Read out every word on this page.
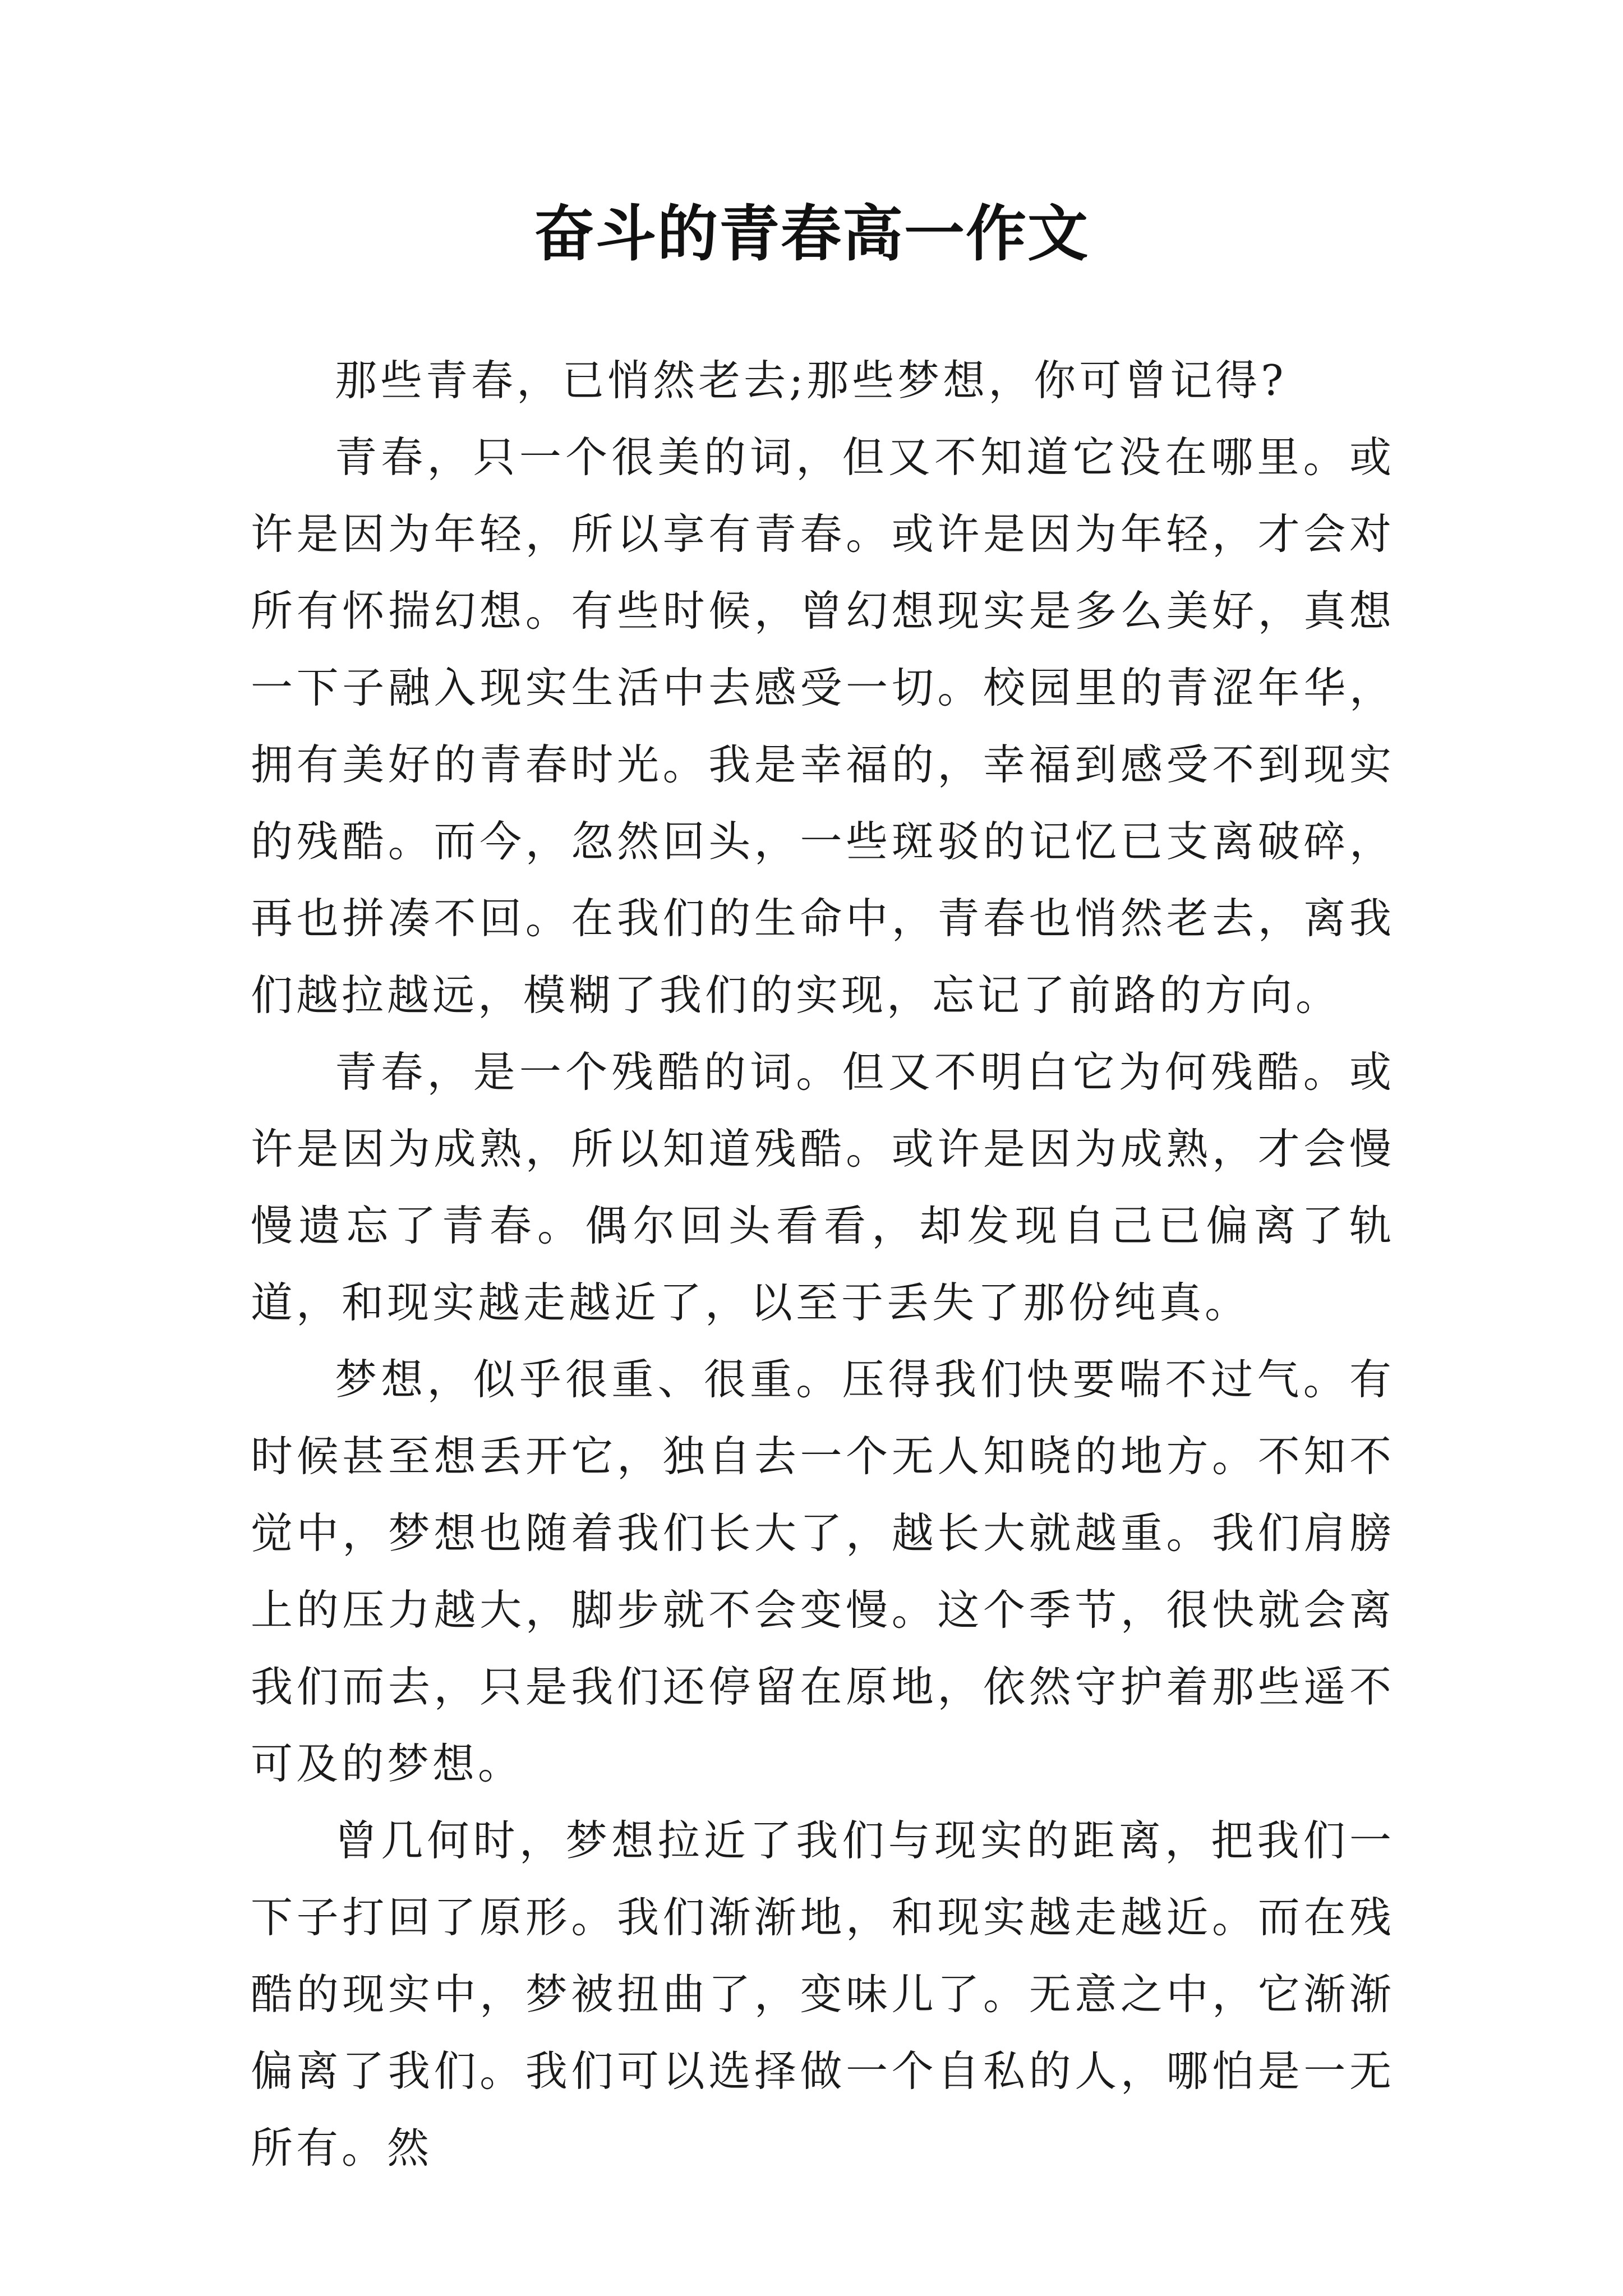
奋斗的青春高一作文

那些青春，已悄然老去;那些梦想，你可曾记得?

青春，只一个很美的词，但又不知道它没在哪里。或许是因为年轻，所以享有青春。或许是因为年轻，才会对所有怀揣幻想。有些时候，曾幻想现实是多么美好，真想一下子融入现实生活中去感受一切。校园里的青涩年华，拥有美好的青春时光。我是幸福的，幸福到感受不到现实的残酷。而今，忽然回头，一些斑驳的记忆已支离破碎，再也拼凑不回。在我们的生命中，青春也悄然老去，离我们越拉越远，模糊了我们的实现，忘记了前路的方向。

青春，是一个残酷的词。但又不明白它为何残酷。或许是因为成熟，所以知道残酷。或许是因为成熟，才会慢慢遗忘了青春。偶尔回头看看，却发现自己已偏离了轨道，和现实越走越近了，以至于丢失了那份纯真。

梦想，似乎很重、很重。压得我们快要喘不过气。有时候甚至想丢开它，独自去一个无人知晓的地方。不知不觉中，梦想也随着我们长大了，越长大就越重。我们肩膀上的压力越大，脚步就不会变慢。这个季节，很快就会离我们而去，只是我们还停留在原地，依然守护着那些遥不可及的梦想。

曾几何时，梦想拉近了我们与现实的距离，把我们一下子打回了原形。我们渐渐地，和现实越走越近。而在残酷的现实中，梦被扭曲了，变味儿了。无意之中，它渐渐偏离了我们。我们可以选择做一个自私的人，哪怕是一无所有。然
